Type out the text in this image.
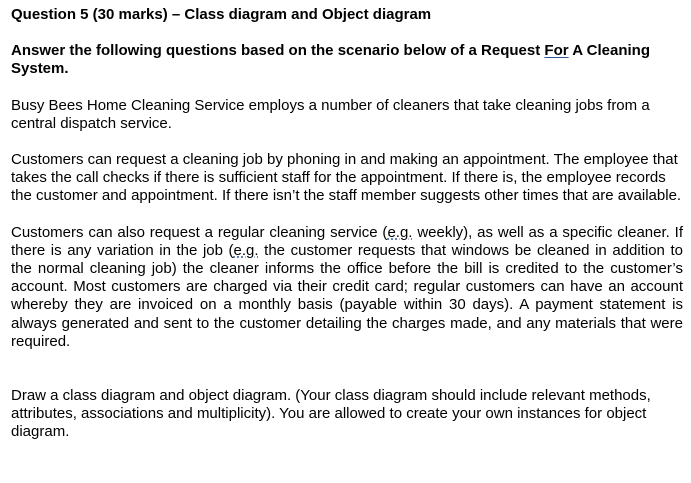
Question 5 (30 marks) – Class diagram and Object diagram

Answer the following questions based on the scenario below of a Request For A Cleaning System.

Busy Bees Home Cleaning Service employs a number of cleaners that take cleaning jobs from a central dispatch service.

Customers can request a cleaning job by phoning in and making an appointment. The employee that takes the call checks if there is sufficient staff for the appointment. If there is, the employee records the customer and appointment. If there isn’t the staff member suggests other times that are available.

Customers can also request a regular cleaning service (e.g. weekly), as well as a specific cleaner. If there is any variation in the job (e.g. the customer requests that windows be cleaned in addition to the normal cleaning job) the cleaner informs the office before the bill is credited to the customer’s account. Most customers are charged via their credit card; regular customers can have an account whereby they are invoiced on a monthly basis (payable within 30 days). A payment statement is always generated and sent to the customer detailing the charges made, and any materials that were required.

Draw a class diagram and object diagram. (Your class diagram should include relevant methods, attributes, associations and multiplicity). You are allowed to create your own instances for object diagram.
